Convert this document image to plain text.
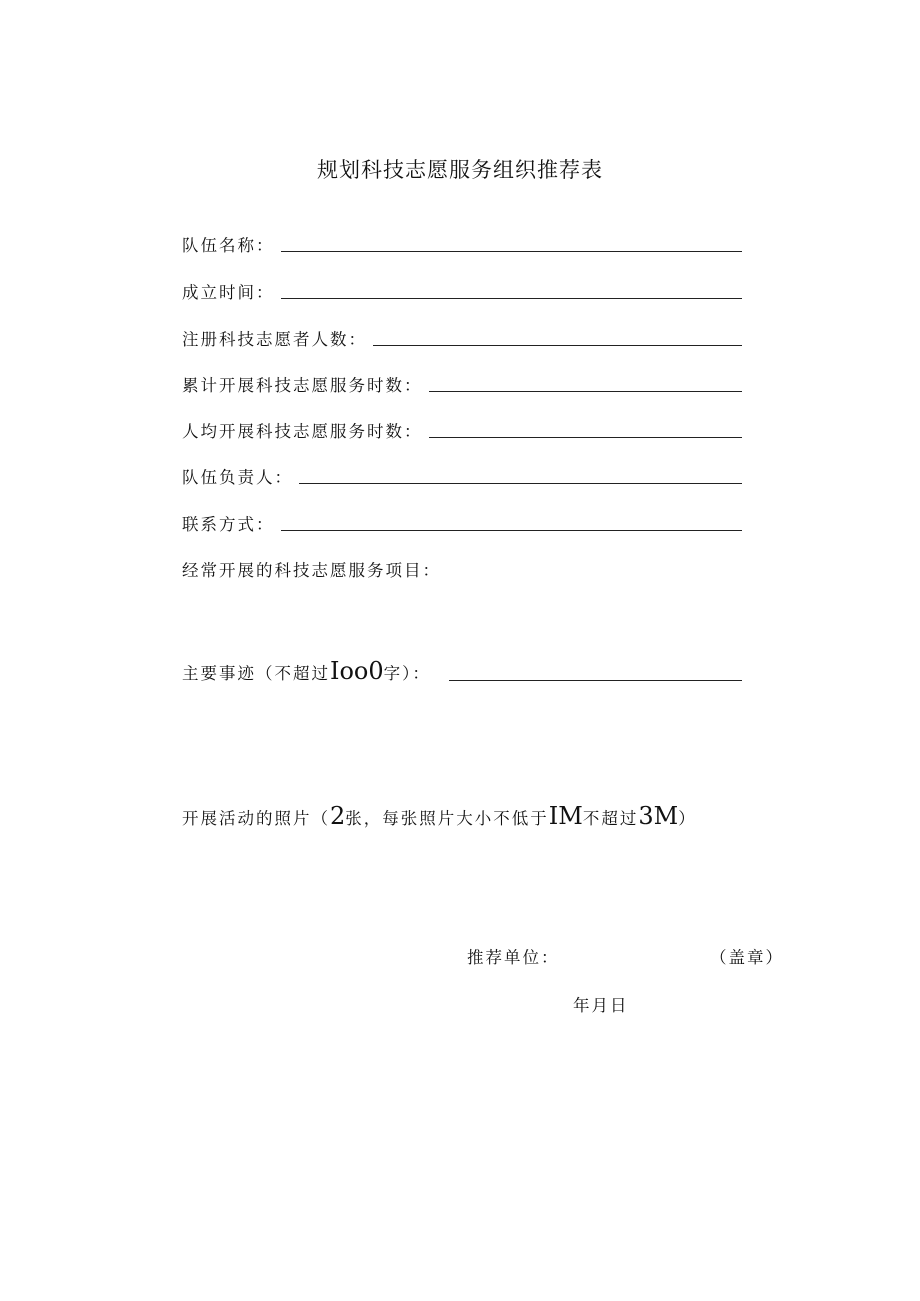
规划科技志愿服务组织推荐表
队伍名称：
成立时间：
注册科技志愿者人数：
累计开展科技志愿服务时数：
人均开展科技志愿服务时数：
队伍负责人：
联系方式：
经常开展的科技志愿服务项目：
主要事迹（不超过Ioo0字）：
开展活动的照片（2张，每张照片大小不低于IM不超过3M）
推荐单位：	（盖章）
年月日
